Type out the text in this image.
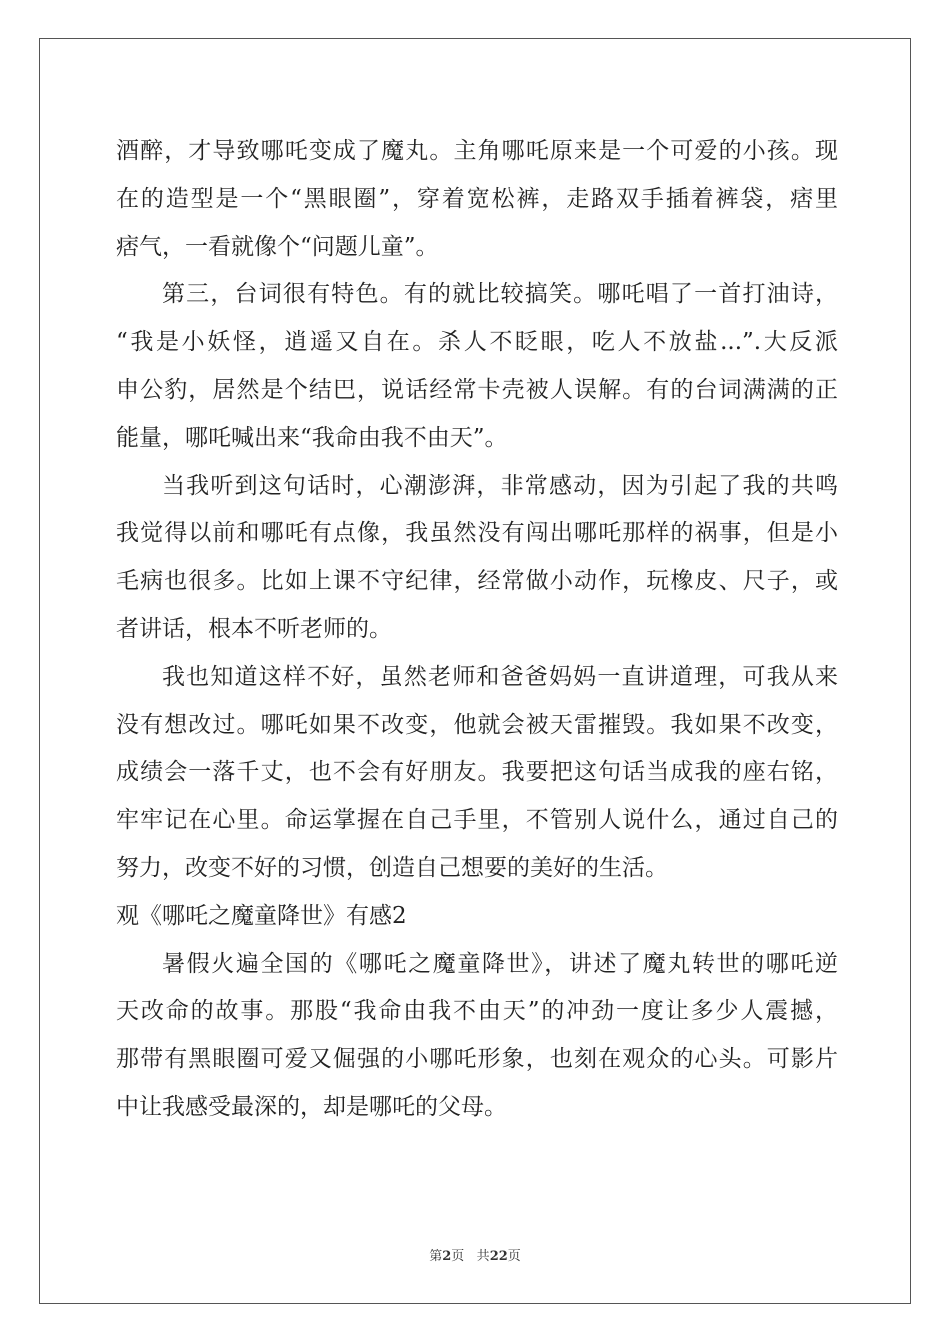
酒醉，才导致哪吒变成了魔丸。主角哪吒原来是一个可爱的小孩。现
在的造型是一个“黑眼圈”，穿着宽松裤，走路双手插着裤袋，痞里
痞气，一看就像个“问题儿童”。
第三，台词很有特色。有的就比较搞笑。哪吒唱了一首打油诗，
“我是小妖怪，逍遥又自在。杀人不眨眼，吃人不放盐...”.大反派
申公豹，居然是个结巴，说话经常卡壳被人误解。有的台词满满的正
能量，哪吒喊出来“我命由我不由天”。
当我听到这句话时，心潮澎湃，非常感动，因为引起了我的共鸣
我觉得以前和哪吒有点像，我虽然没有闯出哪吒那样的祸事，但是小
毛病也很多。比如上课不守纪律，经常做小动作，玩橡皮、尺子，或
者讲话，根本不听老师的。
我也知道这样不好，虽然老师和爸爸妈妈一直讲道理，可我从来
没有想改过。哪吒如果不改变，他就会被天雷摧毁。我如果不改变，
成绩会一落千丈，也不会有好朋友。我要把这句话当成我的座右铭，
牢牢记在心里。命运掌握在自己手里，不管别人说什么，通过自己的
努力，改变不好的习惯，创造自己想要的美好的生活。
观《哪吒之魔童降世》有感2
暑假火遍全国的《哪吒之魔童降世》，讲述了魔丸转世的哪吒逆
天改命的故事。那股“我命由我不由天”的冲劲一度让多少人震撼，
那带有黑眼圈可爱又倔强的小哪吒形象，也刻在观众的心头。可影片
中让我感受最深的，却是哪吒的父母。
第2页 共22页
